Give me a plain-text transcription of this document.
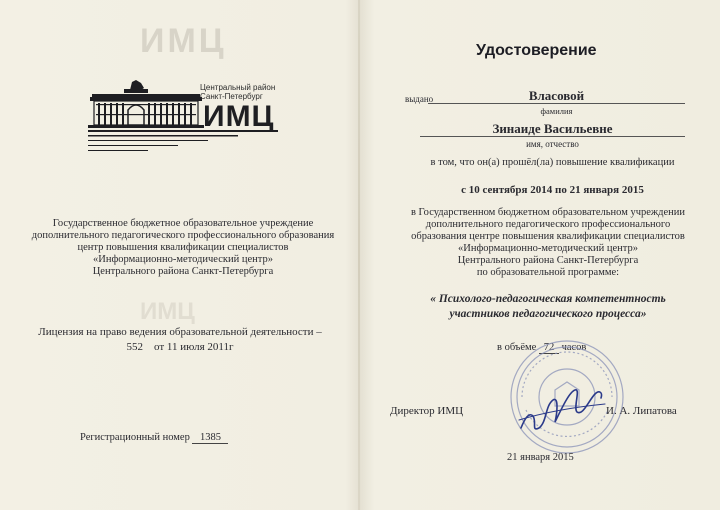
ИМЦ
ИМЦ
Центральный район
Санкт-Петербург
ИМЦ
Государственное бюджетное образовательное учреждение
дополнительного педагогического профессионального образования
центр повышения квалификации специалистов
«Информационно-методический центр»
Центрального района Санкт-Петербурга
Лицензия на право ведения образовательной деятельности –
552 от 11 июля 2011г
Регистрационный номер 1385
Удостоверение
выдано	Власовой
фамилия
Зинаиде Васильевне
имя, отчество
в том, что он(а) прошёл(ла) повышение квалификации
с 10 сентября 2014 по 21 января 2015
в Государственном бюджетном образовательном учреждении
дополнительного педагогического профессионального
образования центре повышения квалификации специалистов
«Информационно-методический центр»
Центрального района Санкт-Петербурга
по образовательной программе:
« Психолого-педагогическая компетентность
участников педагогического процесса»
в объёме 72 часов
Директор ИМЦ	И. А. Липатова
21 января 2015
